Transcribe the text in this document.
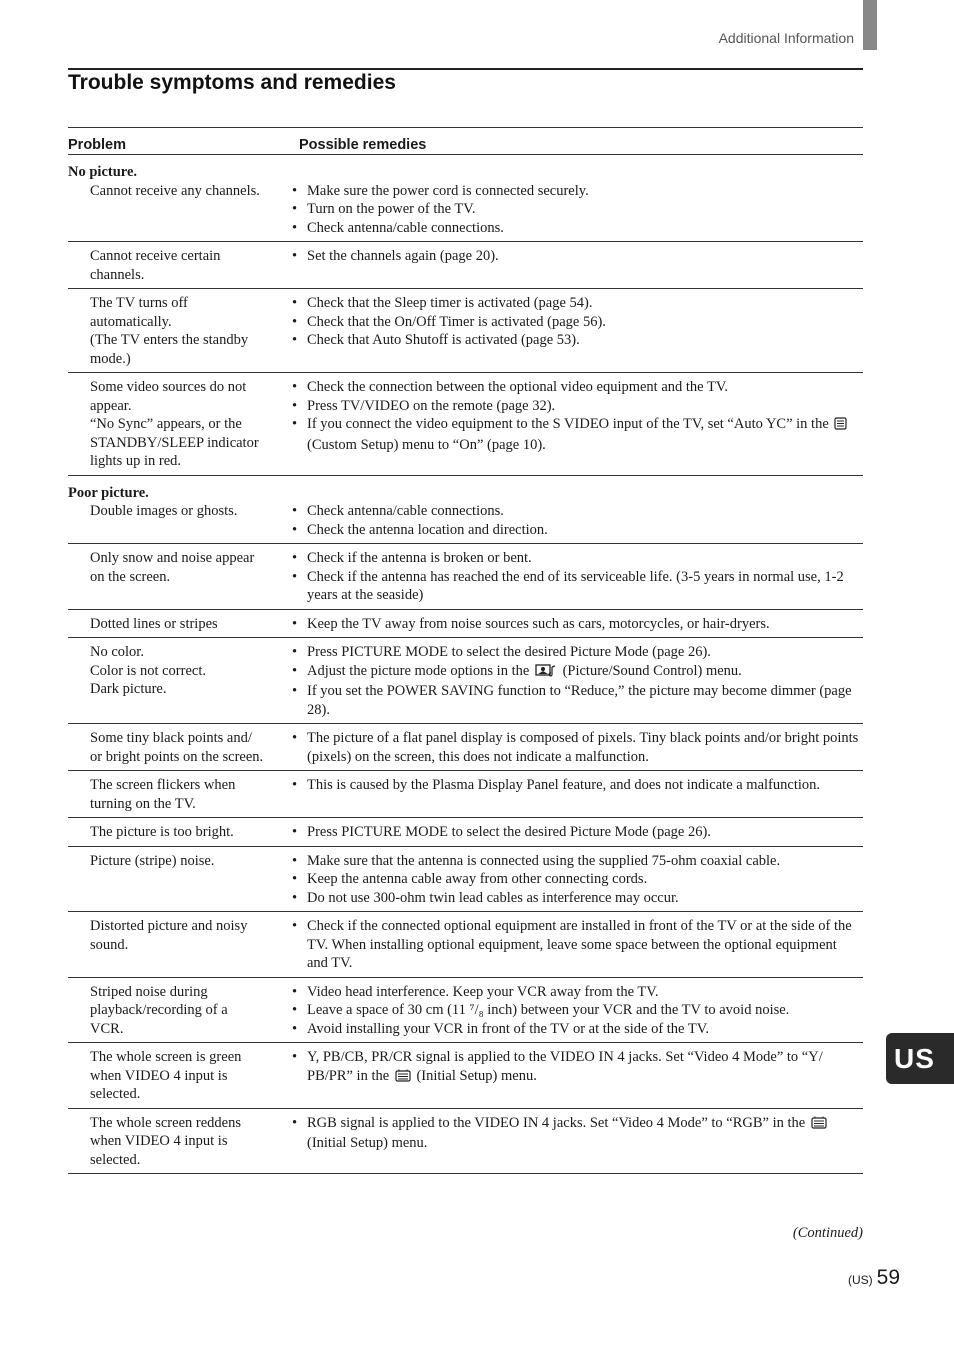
Additional Information
Trouble symptoms and remedies
Problem	Possible remedies
No picture.
Cannot receive any channels.	• Make sure the power cord is connected securely.
• Turn on the power of the TV.
• Check antenna/cable connections.
Cannot receive certain
channels.
• Set the channels again (page 20).
The TV turns off
automatically.
(The TV enters the standby
mode.)
• Check that the Sleep timer is activated (page 54).
• Check that the On/Off Timer is activated (page 56).
• Check that Auto Shutoff is activated (page 53).
Some video sources do not
appear.
“No Sync” appears, or the
STANDBY/SLEEP indicator
lights up in red.
• Check the connection between the optional video equipment and the TV.
• Press TV/VIDEO on the remote (page 32).
• If you connect the video equipment to the S VIDEO input of the TV, set “Auto YC” in the  (Custom Setup) menu to “On” (page 10).
Poor picture.
Double images or ghosts.	• Check antenna/cable connections.
• Check the antenna location and direction.
Only snow and noise appear
on the screen.
• Check if the antenna is broken or bent.
• Check if the antenna has reached the end of its serviceable life. (3-5 years in normal use, 1-2 years at the seaside)
Dotted lines or stripes	• Keep the TV away from noise sources such as cars, motorcycles, or hair-dryers.
No color.
Color is not correct.
Dark picture.
• Press PICTURE MODE to select the desired Picture Mode (page 26).
• Adjust the picture mode options in the (Picture/Sound Control) menu.
• If you set the POWER SAVING function to “Reduce,” the picture may become dimmer (page 28).
Some tiny black points and/
or bright points on the screen.
• The picture of a flat panel display is composed of pixels. Tiny black points and/or bright points (pixels) on the screen, this does not indicate a malfunction.
The screen flickers when
turning on the TV.
• This is caused by the Plasma Display Panel feature, and does not indicate a malfunction.
The picture is too bright.	• Press PICTURE MODE to select the desired Picture Mode (page 26).
Picture (stripe) noise.	• Make sure that the antenna is connected using the supplied 75-ohm coaxial cable.
• Keep the antenna cable away from other connecting cords.
• Do not use 300-ohm twin lead cables as interference may occur.
Distorted picture and noisy
sound.
• Check if the connected optional equipment are installed in front of the TV or at the side of the TV. When installing optional equipment, leave some space between the optional equipment and TV.
Striped noise during
playback/recording of a
VCR.
• Video head interference. Keep your VCR away from the TV.
• Leave a space of 30 cm (11 ⁷/₈ inch) between your VCR and the TV to avoid noise.
• Avoid installing your VCR in front of the TV or at the side of the TV.
The whole screen is green
when VIDEO 4 input is
selected.
• Y, PB/CB, PR/CR signal is applied to the VIDEO IN 4 jacks. Set “Video 4 Mode” to “Y/ PB/PR” in the (Initial Setup) menu.
The whole screen reddens
when VIDEO 4 input is
selected.
• RGB signal is applied to the VIDEO IN 4 jacks. Set “Video 4 Mode” to “RGB” in the  (Initial Setup) menu.
(Continued)
(US) 59
US
